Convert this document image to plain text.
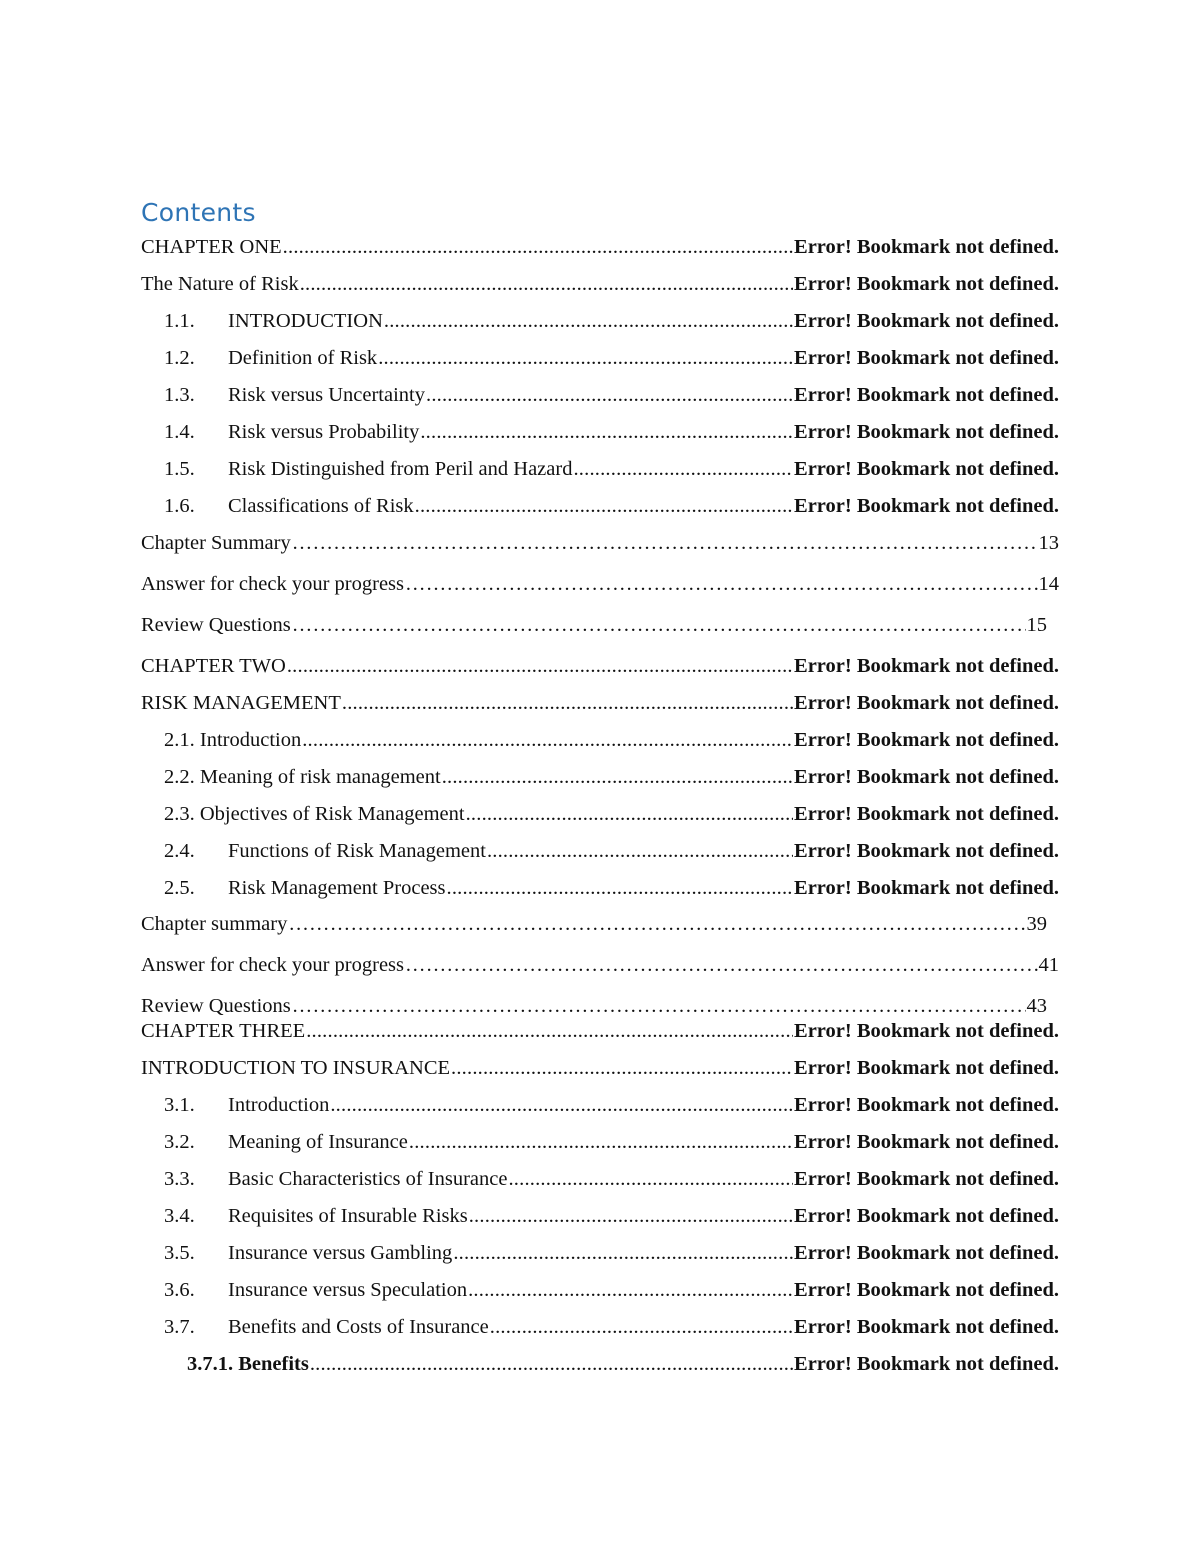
Contents
CHAPTER ONE .....	Error! Bookmark not defined.
The Nature of Risk .....	Error! Bookmark not defined.
1.1.	INTRODUCTION .....	Error! Bookmark not defined.
1.2.	Definition of Risk .....	Error! Bookmark not defined.
1.3.	Risk versus Uncertainty .....	Error! Bookmark not defined.
1.4.	Risk versus Probability .....	Error! Bookmark not defined.
1.5.	Risk Distinguished from Peril and Hazard .....	Error! Bookmark not defined.
1.6.	Classifications of Risk .....	Error! Bookmark not defined.
Chapter Summary ……………………………………………………………………………………………………………………………………………	13
Answer for check your progress ……………………………………………………………………………………………………………………………………………	14
Review Questions ……………………………………………………………………………………………………………………………………………	15
CHAPTER TWO .....	Error! Bookmark not defined.
RISK MANAGEMENT .....	Error! Bookmark not defined.
2.1. Introduction .....	Error! Bookmark not defined.
2.2. Meaning of risk management .....	Error! Bookmark not defined.
2.3. Objectives of Risk Management .....	Error! Bookmark not defined.
2.4.	Functions of Risk Management .....	Error! Bookmark not defined.
2.5.	Risk Management Process .....	Error! Bookmark not defined.
Chapter summary ……………………………………………………………………………………………………………………………………………	39
Answer for check your progress ……………………………………………………………………………………………………………………………………………	41
Review Questions ……………………………………………………………………………………………………………………………………………	43
CHAPTER THREE .....	Error! Bookmark not defined.
INTRODUCTION TO INSURANCE .....	Error! Bookmark not defined.
3.1.	Introduction .....	Error! Bookmark not defined.
3.2.	Meaning of Insurance .....	Error! Bookmark not defined.
3.3.	Basic Characteristics of Insurance .....	Error! Bookmark not defined.
3.4.	Requisites of Insurable Risks .....	Error! Bookmark not defined.
3.5.	Insurance versus Gambling .....	Error! Bookmark not defined.
3.6.	Insurance versus Speculation .....	Error! Bookmark not defined.
3.7.	Benefits and Costs of Insurance .....	Error! Bookmark not defined.
3.7.1. Benefits .....	Error! Bookmark not defined.
